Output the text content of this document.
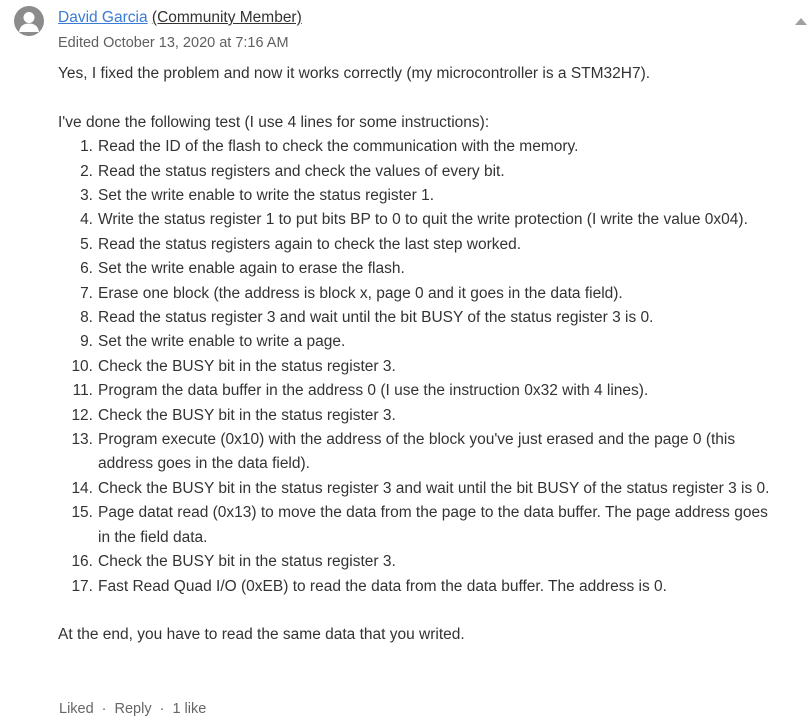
David Garcia (Community Member)
Edited October 13, 2020 at 7:16 AM

Yes, I fixed the problem and now it works correctly (my microcontroller is a STM32H7).

I've done the following test (I use 4 lines for some instructions):

1. Read the ID of the flash to check the communication with the memory.
2. Read the status registers and check the values of every bit.
3. Set the write enable to write the status register 1.
4. Write the status register 1 to put bits BP to 0 to quit the write protection (I write the value 0x04).
5. Read the status registers again to check the last step worked.
6. Set the write enable again to erase the flash.
7. Erase one block (the address is block x, page 0 and it goes in the data field).
8. Read the status register 3 and wait until the bit BUSY of the status register 3 is 0.
9. Set the write enable to write a page.
10. Check the BUSY bit in the status register 3.
11. Program the data buffer in the address 0 (I use the instruction 0x32 with 4 lines).
12. Check the BUSY bit in the status register 3.
13. Program execute (0x10) with the address of the block you've just erased and the page 0 (this address goes in the data field).
14. Check the BUSY bit in the status register 3 and wait until the bit BUSY of the status register 3 is 0.
15. Page datat read (0x13) to move the data from the page to the data buffer. The page address goes in the field data.
16. Check the BUSY bit in the status register 3.
17. Fast Read Quad I/O (0xEB) to read the data from the data buffer. The address is 0.

At the end, you have to read the same data that you writed.

Liked · Reply · 1 like
